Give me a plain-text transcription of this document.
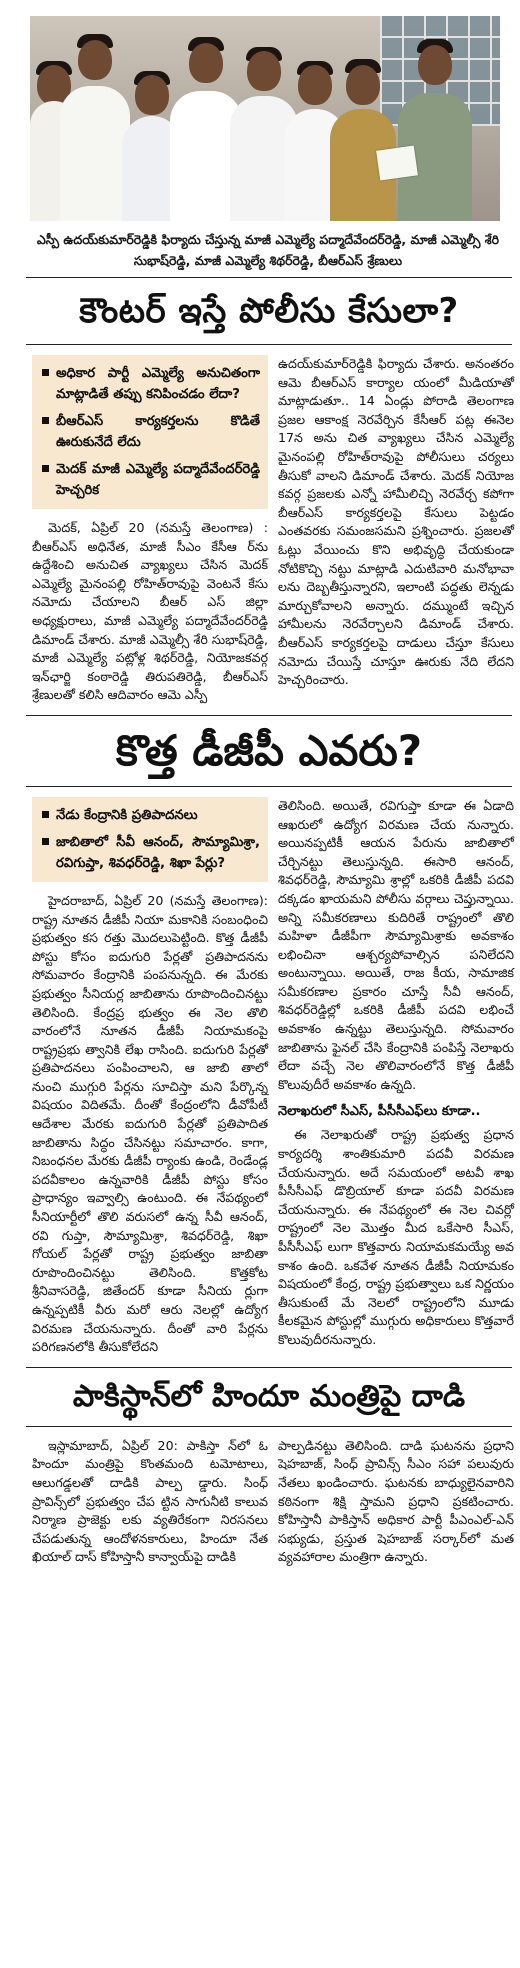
ఎస్పీ ఉదయ్‌కుమార్‌రెడ్డికి ఫిర్యాదు చేస్తున్న మాజీ ఎమ్మెల్యే పద్మాదేవేందర్‌రెడ్డి, మాజీ ఎమ్మెల్సీ శేరి సుభాష్‌రెడ్డి, మాజీ ఎమ్మెల్యే శిథర్‌రెడ్డి, బీఆర్‌ఎస్ శ్రేణులు
కౌంటర్ ఇస్తే పోలీసు కేసులా?
అధికార పార్టీ ఎమ్మెల్యే అనుచితంగా మాట్లాడితే తప్పు కనిపించడం లేదా?
బీఆర్‌ఎస్ కార్యకర్తలను కొడితే ఊరుకునేదే లేదు
మెదక్ మాజీ ఎమ్మెల్యే పద్మాదేవేందర్‌రెడ్డి హెచ్చరిక

మెదక్, ఏప్రిల్ 20 (నమస్తే తెలంగాణ) : బీఆర్‌ఎస్ అధినేత, మాజీ సీఎం కేసీఆ ర్‌ను ఉద్దేశించి అనుచిత వ్యాఖ్యలు చేసిన మెదక్ ఎమ్మెల్యే మైనంపల్లి రోహిత్‌రావుపై వెంటనే కేసు నమోదు చేయాలని బీఆర్ ఎస్ జిల్లా అధ్యక్షురాలు, మాజీ ఎమ్మెల్యే పద్మాదేవేందర్‌రెడ్డి డిమాండ్ చేశారు. మాజీ ఎమ్మెల్సీ శేరి సుభాష్‌రెడ్డి, మాజీ ఎమ్మెల్యే పట్లోళ్ల శిథర్‌రెడ్డి, నియోజకవర్గ ఇన్‌ఛార్జి కంఠారెడ్డి తిరుపతిరెడ్డి, బీఆర్‌ఎస్ శ్రేణులతో కలిసి ఆదివారం ఆమె ఎస్పీ

ఉదయ్‌కుమార్‌రెడ్డికి ఫిర్యాదు చేశారు. అనంతరం ఆమె బీఆర్‌ఎస్ కార్యాల యంలో మీడియాతో మాట్లాడుతూ.. 14 ఏండ్లు పోరాడి తెలంగాణ ప్రజల ఆకాంక్ష నెరవేర్చిన కేసీఆర్ పట్ల ఈనెల 17న అను చిత వ్యాఖ్యలు చేసిన ఎమ్మెల్యే మైనంపల్లి రోహిత్‌రావుపై పోలీసులు చర్యలు తీసుకో వాలని డిమాండ్ చేశారు. మెదక్ నియోజ కవర్గ ప్రజలకు ఎన్నో హామీలిచ్చి నెరవేర్చ కపోగా బీఆర్‌ఎస్ కార్యకర్తలపై కేసులు పెట్టడం ఎంతవరకు సమంజసమని ప్రశ్నించారు. ప్రజలతో ఓట్లు వేయించు కొని అభివృద్ధి చేయకుండా నోటికొచ్చి నట్టు మాట్లాడి ఎదుటివారి మనోభావా లను దెబ్బతీస్తున్నారని, ఇలాంటి పద్ధతు లెన్నడు మార్చుకోవాలని అన్నారు. దమ్ముంటే ఇచ్చిన హామీలను నెరవేర్చాలని డిమాండ్ చేశారు. బీఆర్‌ఎస్ కార్యకర్తలపై దాడులు చేస్తూ కేసులు నమోదు చేయిస్తే చూస్తూ ఊరుకు నేది లేదని హెచ్చరించారు.

కొత్త డీజీపీ ఎవరు?
నేడు కేంద్రానికి ప్రతిపాదనలు
జాబితాలో సీవీ ఆనంద్, సౌమ్యామిశ్రా, రవిగుప్తా, శివధర్‌రెడ్డి, శిఖా పేర్లు?

హైదరాబాద్, ఏప్రిల్ 20 (నమస్తే తెలంగాణ): రాష్ట్ర నూతన డీజీపీ నియా మకానికి సంబంధించి ప్రభుత్వం కస రత్తు మొదలుపెట్టింది. కొత్త డీజీపీ పోస్టు కోసం ఐదుగురి పేర్లతో ప్రతిపాదనను సోమవారం కేంద్రానికి పంపనున్నది. ఈ మేరకు ప్రభుత్వం సీనియర్ల జాబితాను రూపొందించినట్టు తెలిసింది. కేంద్రప్ర భుత్వం ఈ నెల తొలి వారంలోనే నూతన డీజీపీ నియామకంపై రాష్ట్రప్రభు త్వానికి లేఖ రాసింది. ఐదుగురి పేర్లతో ప్రతిపాదనలు పంపించాలని, ఆ జాబి తాలో నుంచి ముగ్గురి పేర్లను సూచిస్తా మని పేర్కొన్న విషయం విదితమే. దీంతో కేంద్రంలోని డీవోపీటీ ఆదేశాల మేరకు ఐదుగురి పేర్లతో ప్రతిపాదిత జాబితాను సిద్ధం చేసినట్టు సమాచారం. కాగా, నిబంధనల మేరకు డీజీపీ ర్యాంకు ఉండి, రెండేండ్ల పదవీకాలం ఉన్నవారికి డీజీపీ పోస్టు కోసం ప్రాధాన్యం ఇవ్వాల్సి ఉంటుంది. ఈ నేపథ్యంలో సీనియార్టీలో తొలి వరుసలో ఉన్న సీవీ ఆనంద్, రవి గుప్తా, సౌమ్యామిశ్రా, శివధర్‌రెడ్డి, శిఖా గోయల్ పేర్లతో రాష్ట్ర ప్రభుత్వం జాబితా రూపొందించినట్టు తెలిసింది. కొత్తకోట శ్రీనివాసరెడ్డి, జితేందర్ కూడా సీనియ ర్లుగా ఉన్నప్పటికీ వీరు మరో ఆరు నెలల్లో ఉద్యోగ విరమణ చేయనున్నారు. దీంతో వారి పేర్లను పరిగణనలోకి తీసుకోలేదని

తెలిసింది. అయితే, రవిగుప్తా కూడా ఈ ఏడాది ఆఖరులో ఉద్యోగ విరమణ చేయ నున్నారు. అయినప్పటికీ ఆయన పేరును జాబితాలో చేర్చినట్టు తెలుస్తున్నది. ఈసారి ఆనంద్, శివధర్‌రెడ్డి, సౌమ్యామి శ్రాల్లో ఒకరికి డీజీపీ పదవి దక్కడం ఖాయమని పోలీసు వర్గాలు చెప్తున్నాయి. అన్ని సమీకరణాలు కుదిరితే రాష్ట్రంలో తొలి మహిళా డీజీపీగా సౌమ్యామిశ్రాకు అవకాశం లభించినా ఆశ్చర్యపోవాల్సిన పనిలేదని అంటున్నాయి. అయితే, రాజ కీయ, సామాజిక సమీకరణాల ప్రకారం చూస్తే సీవీ ఆనంద్, శివధర్‌రెడ్డిల్లో ఒకరికి డీజీపీ పదవి లభించే అవకాశం ఉన్నట్టు తెలుస్తున్నది. సోమవారం జాబితాను ఫైనల్ చేసి కేంద్రానికి పంపిస్తే నెలాఖరు లేదా వచ్చే నెల తొలివారంలోనే కొత్త డీజీపీ కొలువుదీరే అవకాశం ఉన్నది.

నెలాఖరులో సీఎస్, పీసీసీఎఫ్‌లు కూడా..

ఈ నెలాఖరుతో రాష్ట్ర ప్రభుత్వ ప్రధాన కార్యదర్శి శాంతికుమారి పదవీ విరమణ చేయనున్నారు. అదే సమయంలో అటవీ శాఖ పీసీసీఎఫ్ డొబ్రియాల్ కూడా పదవీ విరమణ చేయనున్నారు. ఈ నేపథ్యంలో ఈ నెల చివర్లో రాష్ట్రంలో నెల మొత్తం మీద ఒకేసారి సీఎస్, పీసీసీఎఫ్‌ లుగా కొత్తవారు నియామకమయ్యే అవ కాశం ఉంది. ఒకవేళ నూతన డీజీపీ నియామకం విషయంలో కేంద్ర, రాష్ట్ర ప్రభుత్వాలు ఒక నిర్ణయం తీసుకుంటే మే నెలలో రాష్ట్రంలోని మూడు కీలకమైన పోస్టుల్లో ముగ్గురు అధికారులు కొత్తవారే కొలువుదీరనున్నారు.

పాకిస్థాన్‌లో హిందూ మంత్రిపై దాడి

ఇస్లామాబాద్, ఏప్రిల్ 20: పాకిస్తా న్‌లో ఓ హిందూ మంత్రిపై కొంతమంది టమోటాలు, ఆలుగడ్డలతో దాడికి పాల్ప డ్డారు. సింధ్ ప్రావిన్స్‌లో ప్రభుత్వం చేప ట్టిన సాగునీటి కాలువ నిర్మాణ ప్రాజెక్టు లకు వ్యతిరేకంగా నిరసనలు చేపడుతున్న ఆందోళనకారులు, హిందూ నేత ఖియాల్ దాస్ కోహిస్తానీ కాన్వాయ్‌పై దాడికి

పాల్పడినట్టు తెలిసింది. దాడి ఘటనను ప్రధాని షెహబాజ్, సింధ్ ప్రావిన్స్ సీఎం సహా పలువురు నేతలు ఖండించారు. ఘటనకు బాధ్యులైనవారిని కఠినంగా శిక్షి స్తామని ప్రధాని ప్రకటించారు. కోహిస్తానీ పాకిస్తాన్ అధికార పార్టీ పీఎంఎల్-ఎన్ సభ్యుడు, ప్రస్తుత షెహబాజ్ సర్కార్‌లో మత వ్యవహారాల మంత్రిగా ఉన్నారు.
